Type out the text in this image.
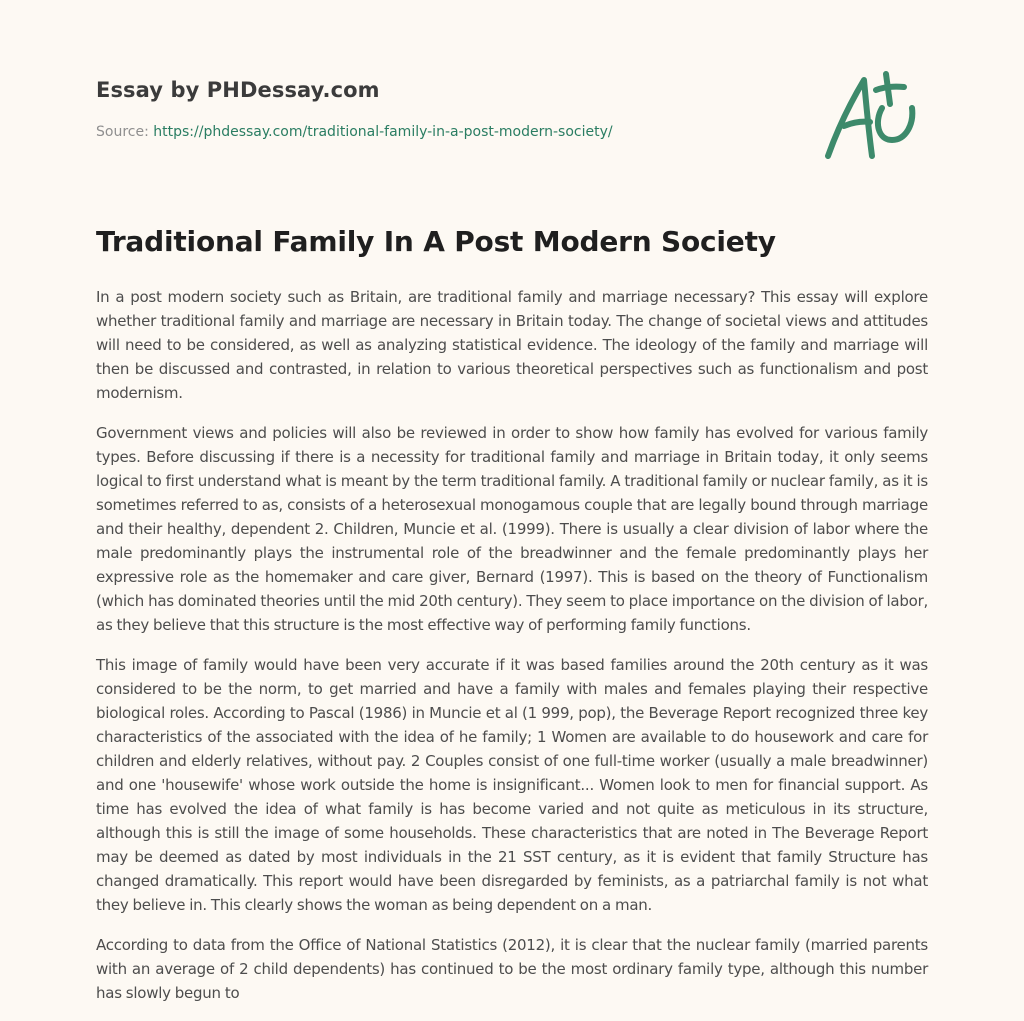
Essay by PHDessay.com
Source: https://phdessay.com/traditional-family-in-a-post-modern-society/
Traditional Family In A Post Modern Society

In a post modern society such as Britain, are traditional family and marriage necessary? This essay will explore whether traditional family and marriage are necessary in Britain today. The change of societal views and attitudes will need to be considered, as well as analyzing statistical evidence. The ideology of the family and marriage will then be discussed and contrasted, in relation to various theoretical perspectives such as functionalism and post modernism.

Government views and policies will also be reviewed in order to show how family has evolved for various family types. Before discussing if there is a necessity for traditional family and marriage in Britain today, it only seems logical to first understand what is meant by the term traditional family. A traditional family or nuclear family, as it is sometimes referred to as, consists of a heterosexual monogamous couple that are legally bound through marriage and their healthy, dependent 2. Children, Muncie et al. (1999). There is usually a clear division of labor where the male predominantly plays the instrumental role of the breadwinner and the female predominantly plays her expressive role as the homemaker and care giver, Bernard (1997). This is based on the theory of Functionalism (which has dominated theories until the mid 20th century). They seem to place importance on the division of labor, as they believe that this structure is the most effective way of performing family functions.

This image of family would have been very accurate if it was based families around the 20th century as it was considered to be the norm, to get married and have a family with males and females playing their respective biological roles. According to Pascal (1986) in Muncie et al (1 999, pop), the Beverage Report recognized three key characteristics of the associated with the idea of he family; 1 Women are available to do housework and care for children and elderly relatives, without pay. 2 Couples consist of one full-time worker (usually a male breadwinner) and one 'housewife' whose work outside the home is insignificant... Women look to men for financial support. As time has evolved the idea of what family is has become varied and not quite as meticulous in its structure, although this is still the image of some households. These characteristics that are noted in The Beverage Report may be deemed as dated by most individuals in the 21 SST century, as it is evident that family Structure has changed dramatically. This report would have been disregarded by feminists, as a patriarchal family is not what they believe in. This clearly shows the woman as being dependent on a man.

According to data from the Office of National Statistics (2012), it is clear that the nuclear family (married parents with an average of 2 child dependents) has continued to be the most ordinary family type, although this number has slowly begun to
